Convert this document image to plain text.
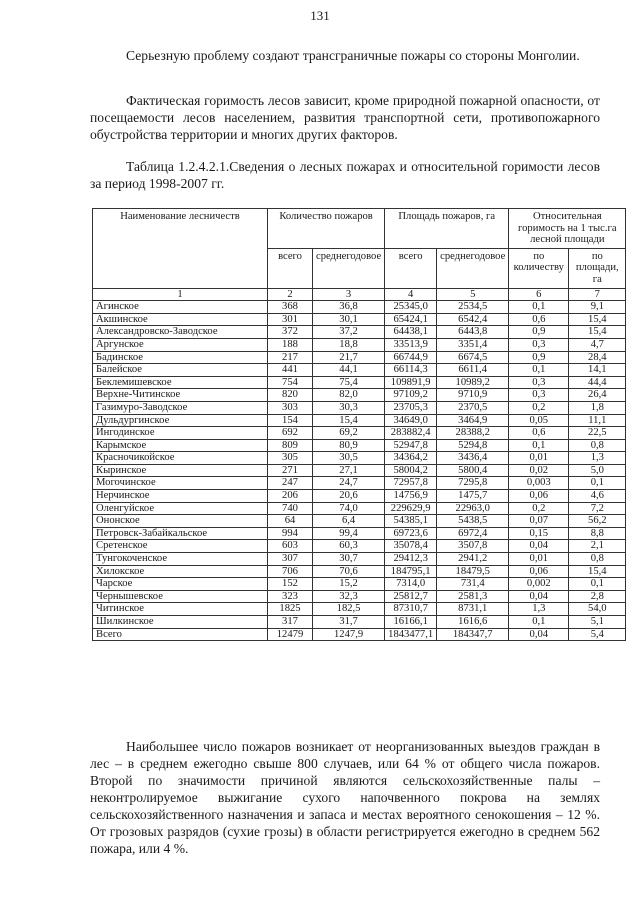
131

Серьезную проблему создают трансграничные пожары со стороны Монголии.

Фактическая горимость лесов зависит, кроме природной пожарной опасности, от посещаемости лесов населением, развития транспортной сети, противопожарного обустройства территории и многих других факторов.

Таблица 1.2.4.2.1.Сведения о лесных пожарах и относительной горимости лесов за период 1998-2007 гг.

Наименование лесничеств	Количество пожаров		Площадь пожаров, га		Относительная горимость на 1 тыс.га лесной площади	
	всего	среднегодовое	всего	среднегодовое	по количеству	по площади, га
1	2	3	4	5	6	7
Агинское	368	36,8	25345,0	2534,5	0,1	9,1
Акшинское	301	30,1	65424,1	6542,4	0,6	15,4
Александровско-Заводское	372	37,2	64438,1	6443,8	0,9	15,4
Аргунское	188	18,8	33513,9	3351,4	0,3	4,7
Бадинское	217	21,7	66744,9	6674,5	0,9	28,4
Балейское	441	44,1	66114,3	6611,4	0,1	14,1
Беклемишевское	754	75,4	109891,9	10989,2	0,3	44,4
Верхне-Читинское	820	82,0	97109,2	9710,9	0,3	26,4
Газимуро-Заводское	303	30,3	23705,3	2370,5	0,2	1,8
Дульдургинское	154	15,4	34649,0	3464,9	0,05	11,1
Ингодинское	692	69,2	283882,4	28388,2	0,6	22,5
Карымское	809	80,9	52947,8	5294,8	0,1	0,8
Красночикойское	305	30,5	34364,2	3436,4	0,01	1,3
Кыринское	271	27,1	58004,2	5800,4	0,02	5,0
Могочинское	247	24,7	72957,8	7295,8	0,003	0,1
Нерчинское	206	20,6	14756,9	1475,7	0,06	4,6
Оленгуйское	740	74,0	229629,9	22963,0	0,2	7,2
Ононское	64	6,4	54385,1	5438,5	0,07	56,2
Петровск-Забайкальское	994	99,4	69723,6	6972,4	0,15	8,8
Сретенское	603	60,3	35078,4	3507,8	0,04	2,1
Тунгокоченское	307	30,7	29412,3	2941,2	0,01	0,8
Хилокское	706	70,6	184795,1	18479,5	0,06	15,4
Чарское	152	15,2	7314,0	731,4	0,002	0,1
Чернышевское	323	32,3	25812,7	2581,3	0,04	2,8
Читинское	1825	182,5	87310,7	8731,1	1,3	54,0
Шилкинское	317	31,7	16166,1	1616,6	0,1	5,1
Всего	12479	1247,9	1843477,1	184347,7	0,04	5,4

Наибольшее число пожаров возникает от неорганизованных выездов граждан в лес – в среднем ежегодно свыше 800 случаев, или 64 % от общего числа пожаров. Второй по значимости причиной являются сельскохозяйственные палы – неконтролируемое выжигание сухого напочвенного покрова на землях сельскохозяйственного назначения и запаса и местах вероятного сенокошения – 12 %. От грозовых разрядов (сухие грозы) в области регистрируется ежегодно в среднем 562 пожара, или 4 %.
